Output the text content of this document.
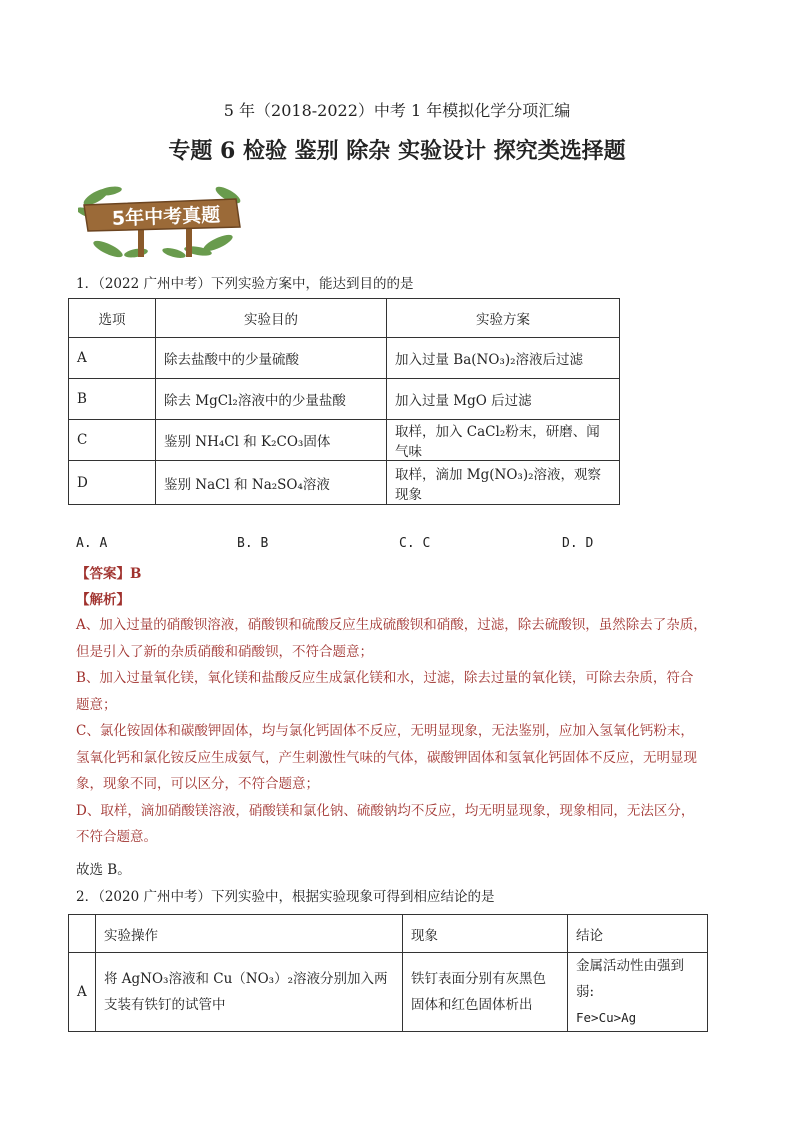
5 年（2018-2022）中考 1 年模拟化学分项汇编
专题 6 检验 鉴别 除杂 实验设计 探究类选择题
5年中考真题
1．（2022 广州中考）下列实验方案中，能达到目的的是
选项	实验目的	实验方案
A	除去盐酸中的少量硫酸	加入过量 Ba(NO₃)₂溶液后过滤
B	除去 MgCl₂溶液中的少量盐酸	加入过量 MgO 后过滤
C	鉴别 NH₄Cl 和 K₂CO₃固体	取样，加入 CaCl₂粉末，研磨、闻气味
D	鉴别 NaCl 和 Na₂SO₄溶液	取样，滴加 Mg(NO₃)₂溶液，观察现象
A. A	B. B	C. C	D. D
【答案】B
【解析】
A、加入过量的硝酸钡溶液，硝酸钡和硫酸反应生成硫酸钡和硝酸，过滤，除去硫酸钡，虽然除去了杂质，
但是引入了新的杂质硝酸和硝酸钡，不符合题意；
B、加入过量氧化镁，氧化镁和盐酸反应生成氯化镁和水，过滤，除去过量的氧化镁，可除去杂质，符合
题意；
C、氯化铵固体和碳酸钾固体，均与氯化钙固体不反应，无明显现象，无法鉴别，应加入氢氧化钙粉末，
氢氧化钙和氯化铵反应生成氨气，产生刺激性气味的气体，碳酸钾固体和氢氧化钙固体不反应，无明显现
象，现象不同，可以区分，不符合题意；
D、取样，滴加硝酸镁溶液，硝酸镁和氯化钠、硫酸钠均不反应，均无明显现象，现象相同，无法区分，
不符合题意。
故选 B。
2．（2020 广州中考）下列实验中，根据实验现象可得到相应结论的是
	实验操作	现象	结论
A	将 AgNO₃溶液和 Cu（NO₃）₂溶液分别加入两支装有铁钉的试管中	铁钉表面分别有灰黑色固体和红色固体析出	金属活动性由强到弱:
Fe>Cu>Ag
